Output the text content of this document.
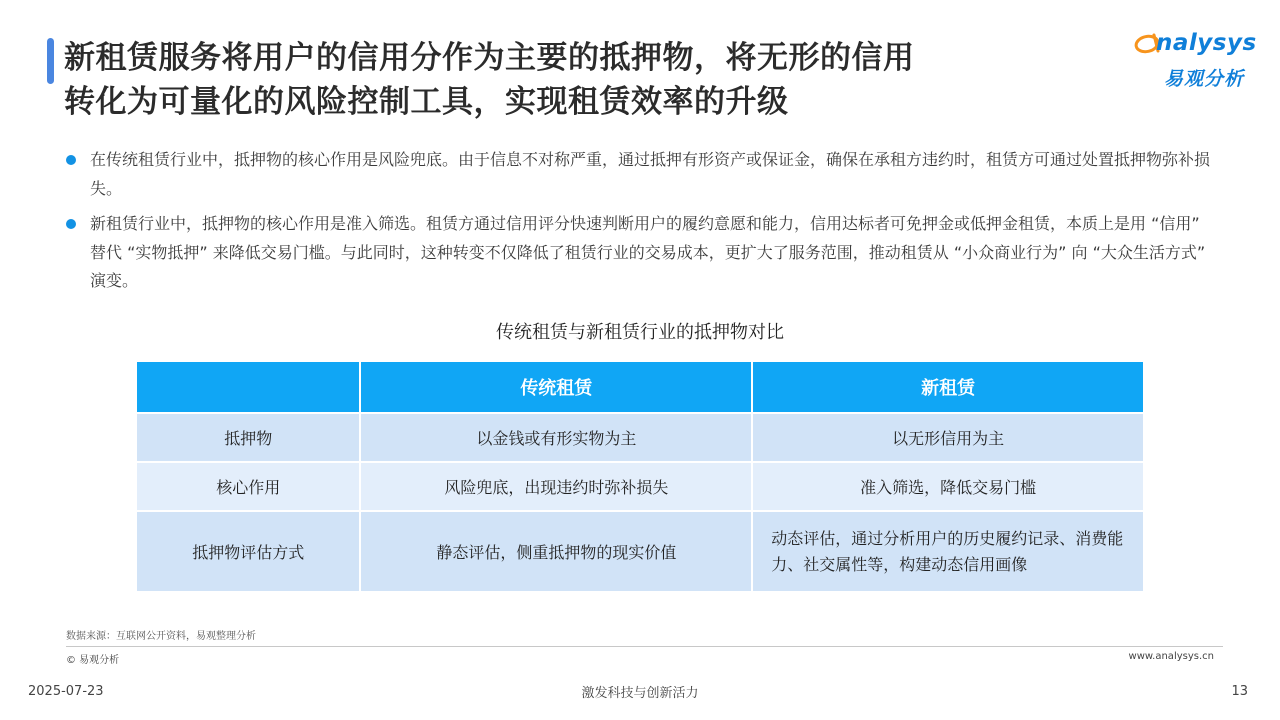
新租赁服务将用户的信用分作为主要的抵押物，将无形的信用
转化为可量化的风险控制工具，实现租赁效率的升级
nalysys
易观分析
在传统租赁行业中，抵押物的核心作用是风险兜底。由于信息不对称严重，通过抵押有形资产或保证金，确保在承租方违约时，租赁方可通过处置抵押物弥补损失。
新租赁行业中，抵押物的核心作用是准入筛选。租赁方通过信用评分快速判断用户的履约意愿和能力，信用达标者可免押金或低押金租赁，本质上是用 “信用” 替代 “实物抵押” 来降低交易门槛。与此同时，这种转变不仅降低了租赁行业的交易成本，更扩大了服务范围，推动租赁从 “小众商业行为” 向 “大众生活方式” 演变。
传统租赁与新租赁行业的抵押物对比
	传统租赁	新租赁
抵押物	以金钱或有形实物为主	以无形信用为主
核心作用	风险兜底，出现违约时弥补损失	准入筛选，降低交易门槛
抵押物评估方式	静态评估，侧重抵押物的现实价值	动态评估，通过分析用户的历史履约记录、消费能力、社交属性等，构建动态信用画像
数据来源：互联网公开资料，易观整理分析
© 易观分析	www.analysys.cn
2025-07-23	激发科技与创新活力	13
